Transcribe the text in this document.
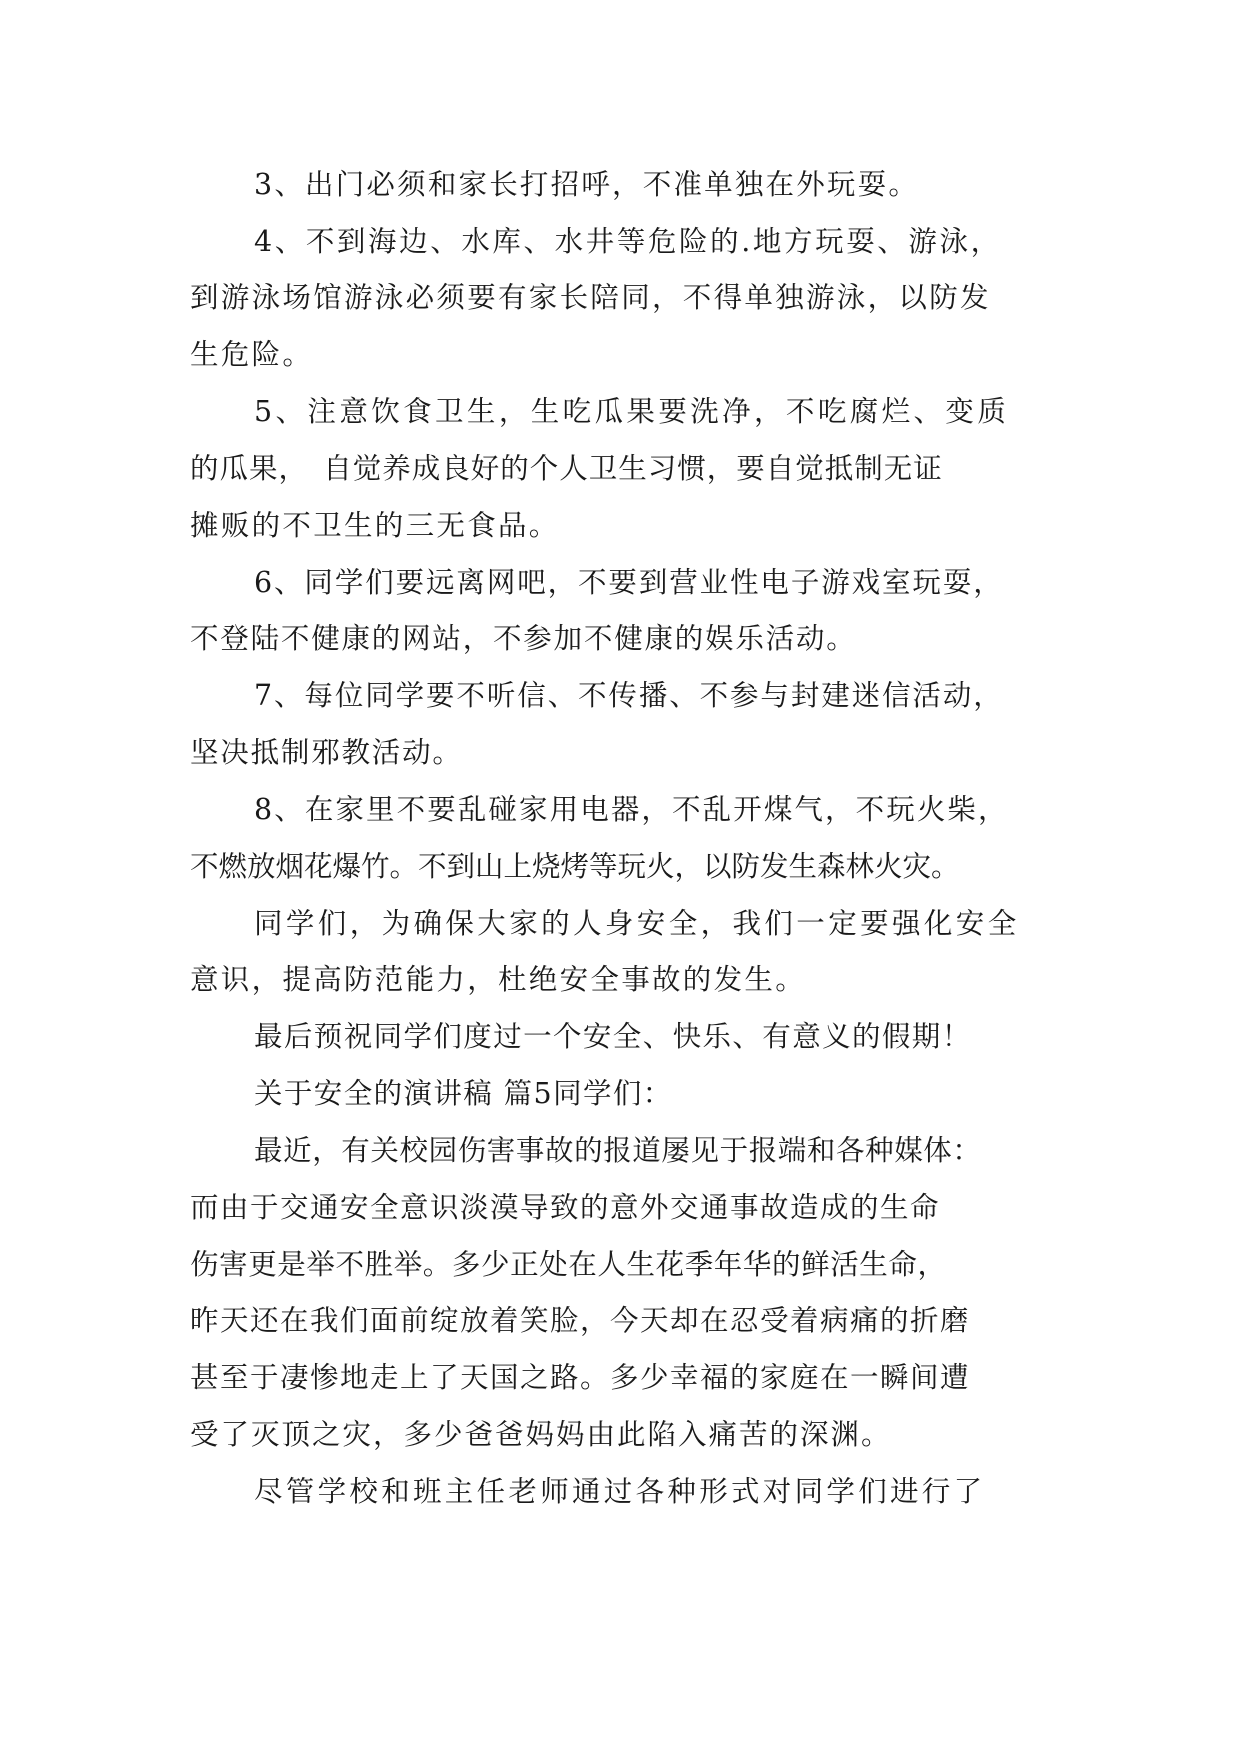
3、出门必须和家长打招呼，不准单独在外玩耍。
4、不到海边、水库、水井等危险的.地方玩耍、游泳，
到游泳场馆游泳必须要有家长陪同，不得单独游泳，以防发
生危险。
5、注意饮食卫生，生吃瓜果要洗净，不吃腐烂、变质
的瓜果，　自觉养成良好的个人卫生习惯，要自觉抵制无证
摊贩的不卫生的三无食品。
6、同学们要远离网吧，不要到营业性电子游戏室玩耍，
不登陆不健康的网站，不参加不健康的娱乐活动。
7、每位同学要不听信、不传播、不参与封建迷信活动，
坚决抵制邪教活动。
8、在家里不要乱碰家用电器，不乱开煤气，不玩火柴，
不燃放烟花爆竹。不到山上烧烤等玩火，以防发生森林火灾。
同学们，为确保大家的人身安全，我们一定要强化安全
意识，提高防范能力，杜绝安全事故的发生。
最后预祝同学们度过一个安全、快乐、有意义的假期！
关于安全的演讲稿 篇5同学们：
最近，有关校园伤害事故的报道屡见于报端和各种媒体：
而由于交通安全意识淡漠导致的意外交通事故造成的生命
伤害更是举不胜举。多少正处在人生花季年华的鲜活生命，
昨天还在我们面前绽放着笑脸，今天却在忍受着病痛的折磨
甚至于凄惨地走上了天国之路。多少幸福的家庭在一瞬间遭
受了灭顶之灾，多少爸爸妈妈由此陷入痛苦的深渊。
尽管学校和班主任老师通过各种形式对同学们进行了
